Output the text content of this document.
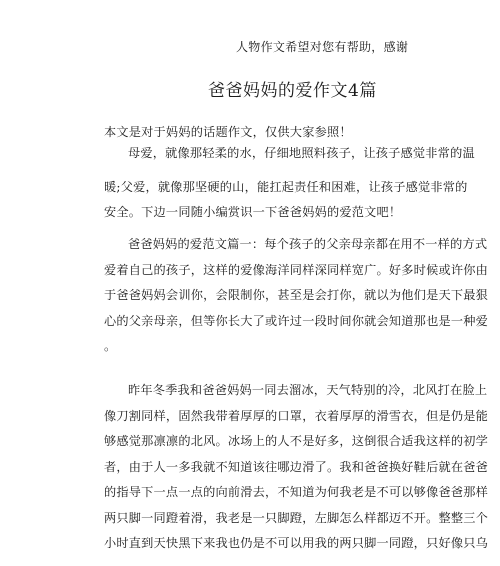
人物作文希望对您有帮助，感谢
爸爸妈妈的爱作文4篇

本文是对于妈妈的话题作文，仅供大家参照！

母爱，就像那轻柔的水，仔细地照料孩子，让孩子感觉非常的温
暖;父爱，就像那坚硬的山，能扛起责任和困难，让孩子感觉非常的
安全。下边一同随小编赏识一下爸爸妈妈的爱范文吧！

爸爸妈妈的爱范文篇一：每个孩子的父亲母亲都在用不一样的方式
爱着自己的孩子，这样的爱像海洋同样深同样宽广。好多时候或许你由
于爸爸妈妈会训你，会限制你，甚至是会打你，就以为他们是天下最狠
心的父亲母亲，但等你长大了或许过一段时间你就会知道那也是一种爱
。

昨年冬季我和爸爸妈妈一同去溜冰，天气特别的冷，北风打在脸上
像刀割同样，固然我带着厚厚的口罩，衣着厚厚的滑雪衣，但是仍是能
够感觉那凛凛的北风。冰场上的人不是好多，这倒很合适我这样的初学
者，由于人一多我就不知道该往哪边滑了。我和爸爸换好鞋后就在爸爸
的指导下一点一点的向前滑去，不知道为何我老是不可以够像爸爸那样
两只脚一同蹬着滑，我老是一只脚蹬，左脚怎么样都迈不开。整整三个
小时直到天快黑下来我也仍是不可以用我的两只脚一同蹬，只好像只乌
